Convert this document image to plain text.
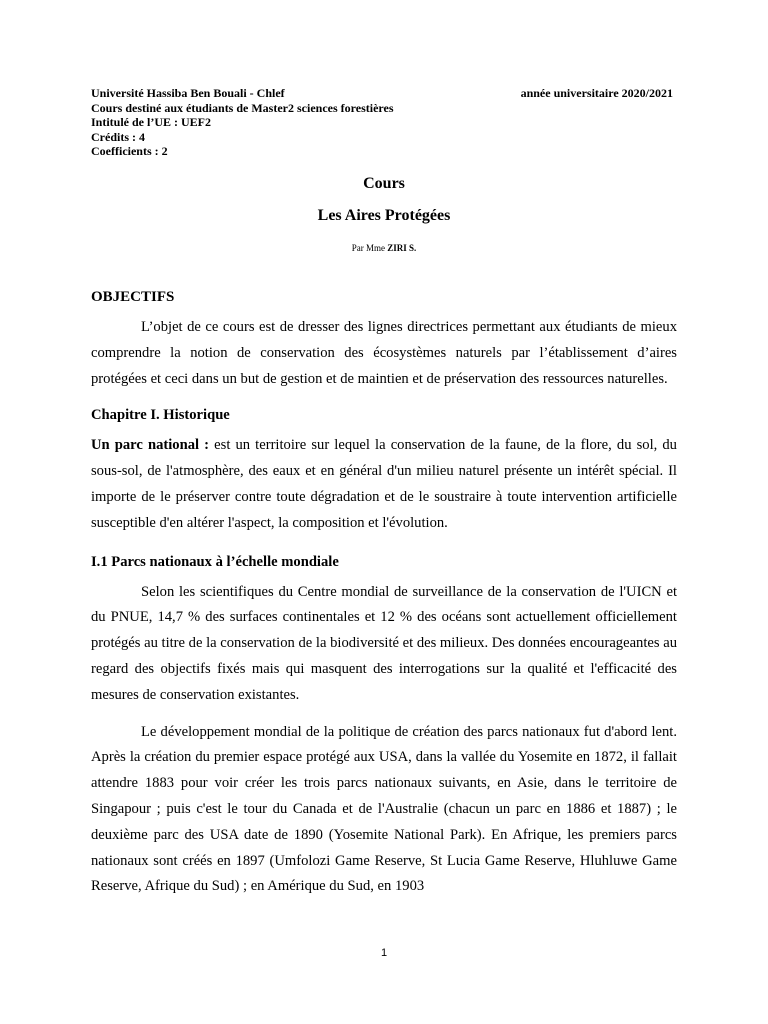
Université Hassiba Ben Bouali - Chlef	année universitaire 2020/2021
Cours destiné aux étudiants de Master2 sciences forestières
Intitulé de l’UE : UEF2
Crédits : 4
Coefficients : 2
Cours
Les Aires Protégées
Par Mme ZIRI S.
OBJECTIFS

L’objet de ce cours est de dresser des lignes directrices permettant aux étudiants de mieux comprendre la notion de conservation des écosystèmes naturels par l’établissement d’aires protégées et ceci dans un but de gestion et de maintien et de préservation des ressources naturelles.

Chapitre I. Historique

Un parc national : est un territoire sur lequel la conservation de la faune, de la flore, du sol, du sous-sol, de l'atmosphère, des eaux et en général d'un milieu naturel présente un intérêt spécial. Il importe de le préserver contre toute dégradation et de le soustraire à toute intervention artificielle susceptible d'en altérer l'aspect, la composition et l'évolution.

I.1 Parcs nationaux à l’échelle mondiale

Selon les scientifiques du Centre mondial de surveillance de la conservation de l'UICN et du PNUE, 14,7 % des surfaces continentales et 12 % des océans sont actuellement officiellement protégés au titre de la conservation de la biodiversité et des milieux. Des données encourageantes au regard des objectifs fixés mais qui masquent des interrogations sur la qualité et l'efficacité des mesures de conservation existantes.

Le développement mondial de la politique de création des parcs nationaux fut d'abord lent. Après la création du premier espace protégé aux USA, dans la vallée du Yosemite en 1872, il fallait attendre 1883 pour voir créer les trois parcs nationaux suivants, en Asie, dans le territoire de Singapour ; puis c'est le tour du Canada et de l'Australie (chacun un parc en 1886 et 1887) ; le deuxième parc des USA date de 1890 (Yosemite National Park). En Afrique, les premiers parcs nationaux sont créés en 1897 (Umfolozi Game Reserve, St Lucia Game Reserve, Hluhluwe Game Reserve, Afrique du Sud) ; en Amérique du Sud, en 1903

1
